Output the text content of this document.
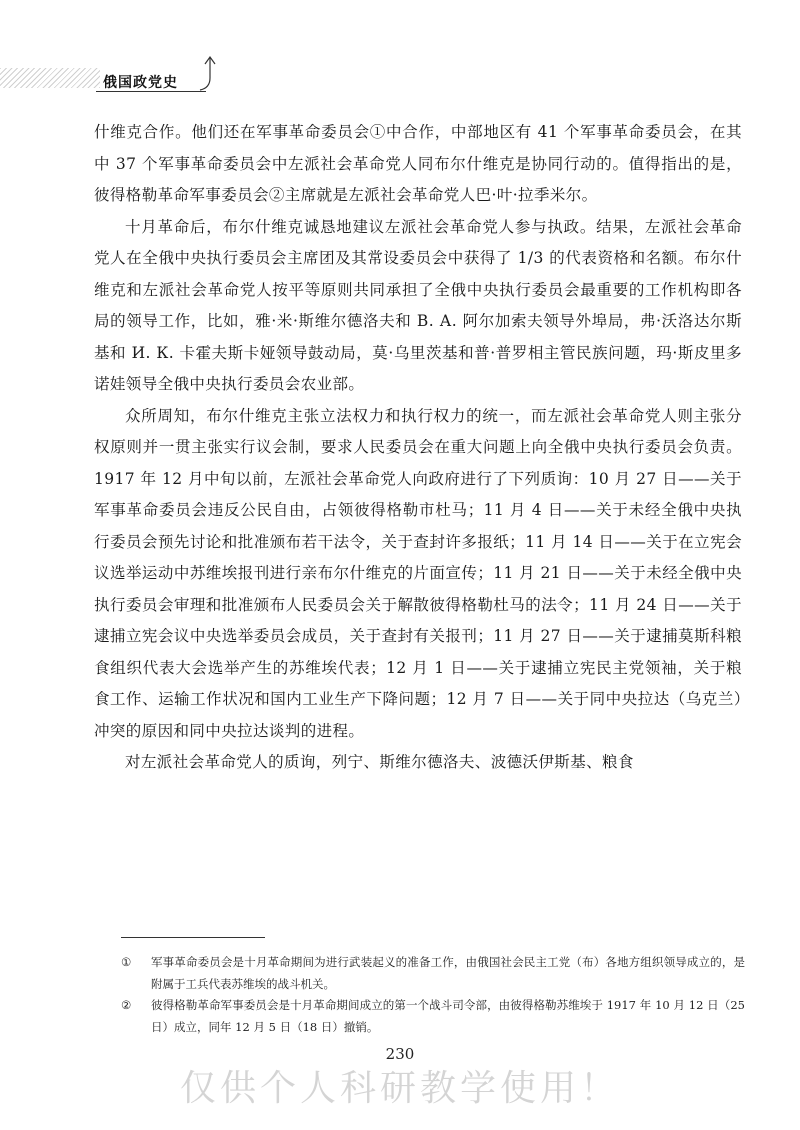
俄国政党史

什维克合作。他们还在军事革命委员会①中合作，中部地区有 41 个军事革命委员会，在其中 37 个军事革命委员会中左派社会革命党人同布尔什维克是协同行动的。值得指出的是，彼得格勒革命军事委员会②主席就是左派社会革命党人巴·叶·拉季米尔。

十月革命后，布尔什维克诚恳地建议左派社会革命党人参与执政。结果，左派社会革命党人在全俄中央执行委员会主席团及其常设委员会中获得了 1/3 的代表资格和名额。布尔什维克和左派社会革命党人按平等原则共同承担了全俄中央执行委员会最重要的工作机构即各局的领导工作，比如，雅·米·斯维尔德洛夫和 В. А. 阿尔加索夫领导外埠局，弗·沃洛达尔斯基和 И. К. 卡霍夫斯卡娅领导鼓动局，莫·乌里茨基和普·普罗相主管民族问题，玛·斯皮里多诺娃领导全俄中央执行委员会农业部。

众所周知，布尔什维克主张立法权力和执行权力的统一，而左派社会革命党人则主张分权原则并一贯主张实行议会制，要求人民委员会在重大问题上向全俄中央执行委员会负责。1917 年 12 月中旬以前，左派社会革命党人向政府进行了下列质询：10 月 27 日——关于军事革命委员会违反公民自由，占领彼得格勒市杜马；11 月 4 日——关于未经全俄中央执行委员会预先讨论和批准颁布若干法令，关于查封许多报纸；11 月 14 日——关于在立宪会议选举运动中苏维埃报刊进行亲布尔什维克的片面宣传；11 月 21 日——关于未经全俄中央执行委员会审理和批准颁布人民委员会关于解散彼得格勒杜马的法令；11 月 24 日——关于逮捕立宪会议中央选举委员会成员，关于查封有关报刊；11 月 27 日——关于逮捕莫斯科粮食组织代表大会选举产生的苏维埃代表；12 月 1 日——关于逮捕立宪民主党领袖，关于粮食工作、运输工作状况和国内工业生产下降问题；12 月 7 日——关于同中央拉达（乌克兰）冲突的原因和同中央拉达谈判的进程。

对左派社会革命党人的质询，列宁、斯维尔德洛夫、波德沃伊斯基、粮食

①	军事革命委员会是十月革命期间为进行武装起义的准备工作，由俄国社会民主工党（布）各地方组织领导成立的，是附属于工兵代表苏维埃的战斗机关。
②	彼得格勒革命军事委员会是十月革命期间成立的第一个战斗司令部，由彼得格勒苏维埃于 1917 年 10 月 12 日（25 日）成立，同年 12 月 5 日（18 日）撤销。
230
仅供个人科研教学使用！
